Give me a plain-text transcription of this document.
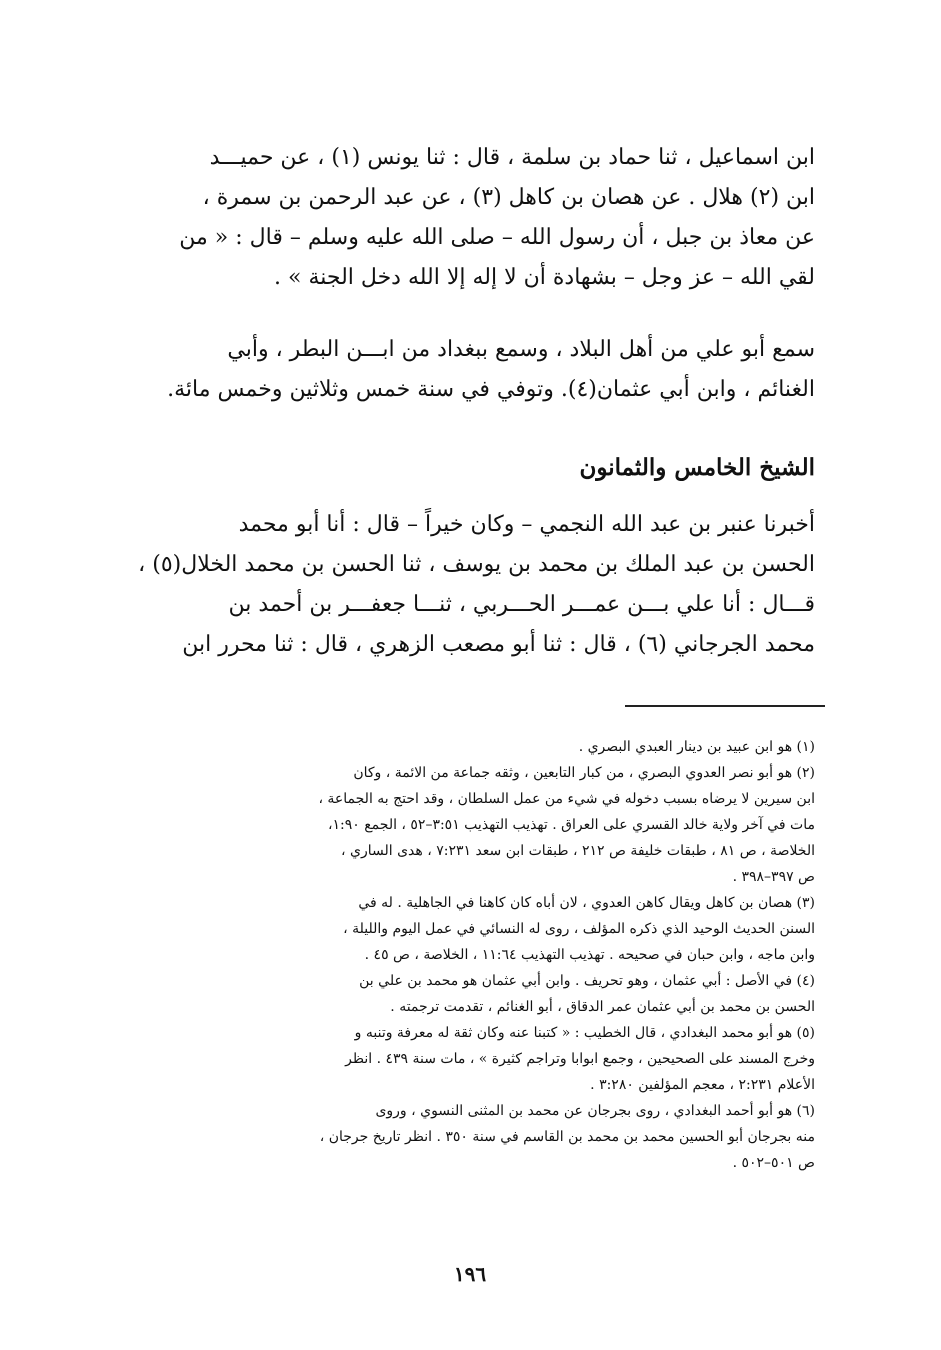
ابن اسماعيل ، ثنا حماد بن سلمة ، قال : ثنا يونس (١) ، عن حميـــد
ابن (٢) هلال . عن هصان بن كاهل (٣) ، عن عبد الرحمن بن سمرة ،
عن معاذ بن جبل ، أن رسول الله – صلى الله عليه وسلم – قال : « من
لقي الله – عز وجل – بشهادة أن لا إله إلا الله دخل الجنة » .
سمع أبو علي من أهل البلاد ، وسمع ببغداد من ابـــن البطر ، وأبي
الغنائم ، وابن أبي عثمان(٤). وتوفي في سنة خمس وثلاثين وخمس مائة.
الشيخ الخامس والثمانون
أخبرنا عنبر بن عبد الله النجمي – وكان خيراً – قال : أنا أبو محمد
الحسن بن عبد الملك بن محمد بن يوسف ، ثنا الحسن بن محمد الخلال(٥) ،
قـــال : أنا علي بـــن عمـــر الحـــربي ، ثنـــا جعفـــر بن أحمد بن
محمد الجرجاني (٦) ، قال : ثنا أبو مصعب الزهري ، قال : ثنا محرر ابن
(١) هو ابن عبيد بن دينار العبدي البصري .
(٢) هو أبو نصر العدوي البصري ، من كبار التابعين ، وثقه جماعة من الائمة ، وكان
ابن سيرين لا يرضاه بسبب دخوله في شيء من عمل السلطان ، وقد احتج به الجماعة ،
مات في آخر ولاية خالد القسري على العراق . تهذيب التهذيب ٣:٥١–٥٢ ، الجمع ١:٩٠،
الخلاصة ، ص ٨١ ، طبقات خليفة ص ٢١٢ ، طبقات ابن سعد ٧:٢٣١ ، هدى الساري ،
ص ٣٩٧–٣٩٨ .
(٣) هصان بن كاهل ويقال كاهن العدوي ، لان أباه كان كاهنا في الجاهلية . له في
السنن الحديث الوحيد الذي ذكره المؤلف ، روى له النسائي في عمل اليوم والليلة ،
وابن ماجه ، وابن حبان في صحيحه . تهذيب التهذيب ١١:٦٤ ، الخلاصة ، ص ٤٥ .
(٤) في الأصل : أبي عثمان ، وهو تحريف . وابن أبي عثمان هو محمد بن علي بن
الحسن بن محمد بن أبي عثمان عمر الدقاق ، أبو الغنائم ، تقدمت ترجمته .
(٥) هو أبو محمد البغدادي ، قال الخطيب : « كتبنا عنه وكان ثقة له معرفة وتنبه و
وخرج المسند على الصحيحين ، وجمع ابوابا وتراجم كثيرة » ، مات سنة ٤٣٩ . انظر
الأعلام ٢:٢٣١ ، معجم المؤلفين ٣:٢٨٠ .
(٦) هو أبو أحمد البغدادي ، روى بجرجان عن محمد بن المثنى النسوي ، وروى
منه بجرجان أبو الحسين محمد بن محمد بن القاسم في سنة ٣٥٠ . انظر تاريخ جرجان ،
ص ٥٠١–٥٠٢ .
١٩٦
